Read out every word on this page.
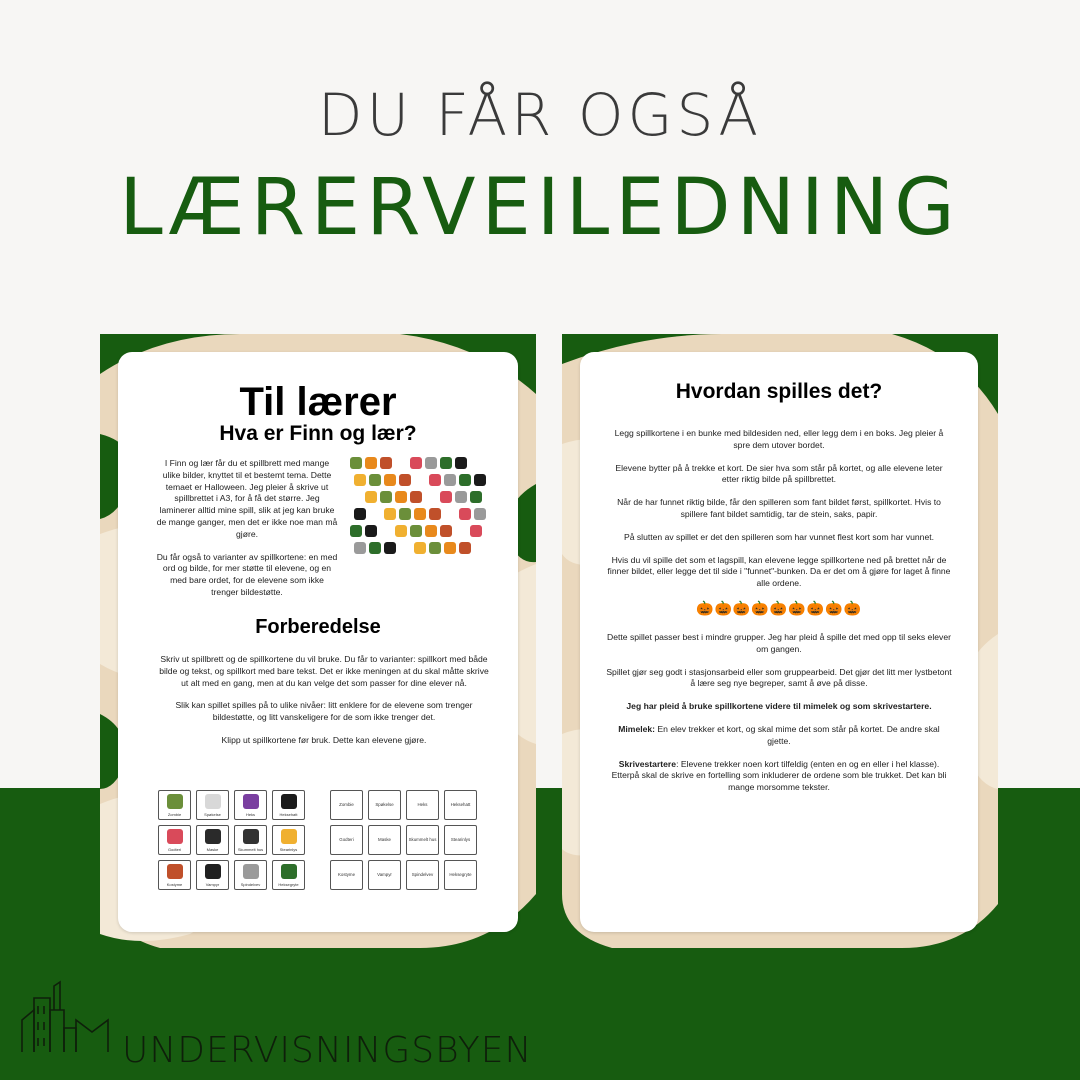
DU FÅR OGSÅ
LÆRERVEILEDNING
Til lærer
Hva er Finn og lær?

I Finn og lær får du et spillbrett med mange ulike bilder, knyttet til et bestemt tema. Dette temaet er Halloween. Jeg pleier å skrive ut spillbrettet i A3, for å få det større. Jeg laminerer alltid mine spill, slik at jeg kan bruke de mange ganger, men det er ikke noe man må gjøre.

Du får også to varianter av spillkortene: en med ord og bilde, for mer støtte til elevene, og en med bare ordet, for de elevene som ikke trenger bildestøtte.

Forberedelse

Skriv ut spillbrett og de spillkortene du vil bruke. Du får to varianter: spillkort med både bilde og tekst, og spillkort med bare tekst. Det er ikke meningen at du skal måtte skrive ut alt med en gang, men at du kan velge det som passer for dine elever nå.

Slik kan spillet spilles på to ulike nivåer: litt enklere for de elevene som trenger bildestøtte, og litt vanskeligere for de som ikke trenger det.

Klipp ut spillkortene før bruk. Dette kan elevene gjøre.

Zombie	Spøkelse	Heks	Heksehatt
Godteri	Maske	Skummelt hus	Stearinlys
Kostyme	Vampyr	Spindelvev	Heksegryte
Zombie	Spøkelse	Heks	Heksehatt
Godteri	Maske	Skummelt hus	Stearinlys
Kostyme	Vampyr	Spindelvev	Heksegryte
Hvordan spilles det?

Legg spillkortene i en bunke med bildesiden ned, eller legg dem i en boks. Jeg pleier å spre dem utover bordet.

Elevene bytter på å trekke et kort. De sier hva som står på kortet, og alle elevene leter etter riktig bilde på spillbrettet.

Når de har funnet riktig bilde, får den spilleren som fant bildet først, spillkortet. Hvis to spillere fant bildet samtidig, tar de stein, saks, papir.

På slutten av spillet er det den spilleren som har vunnet flest kort som har vunnet.

Hvis du vil spille det som et lagspill, kan elevene legge spillkortene ned på brettet når de finner bildet, eller legge det til side i "funnet"-bunken. Da er det om å gjøre for laget å finne alle ordene.

🎃🎃🎃🎃🎃🎃🎃🎃🎃

Dette spillet passer best i mindre grupper. Jeg har pleid å spille det med opp til seks elever om gangen.

Spillet gjør seg godt i stasjonsarbeid eller som gruppearbeid. Det gjør det litt mer lystbetont å lære seg nye begreper, samt å øve på disse.

Jeg har pleid å bruke spillkortene videre til mimelek og som skrivestartere.

Mimelek: En elev trekker et kort, og skal mime det som står på kortet. De andre skal gjette.

Skrivestartere: Elevene trekker noen kort tilfeldig (enten en og en eller i hel klasse). Etterpå skal de skrive en fortelling som inkluderer de ordene som ble trukket. Det kan bli mange morsomme tekster.

UNDERVISNINGSBYEN
